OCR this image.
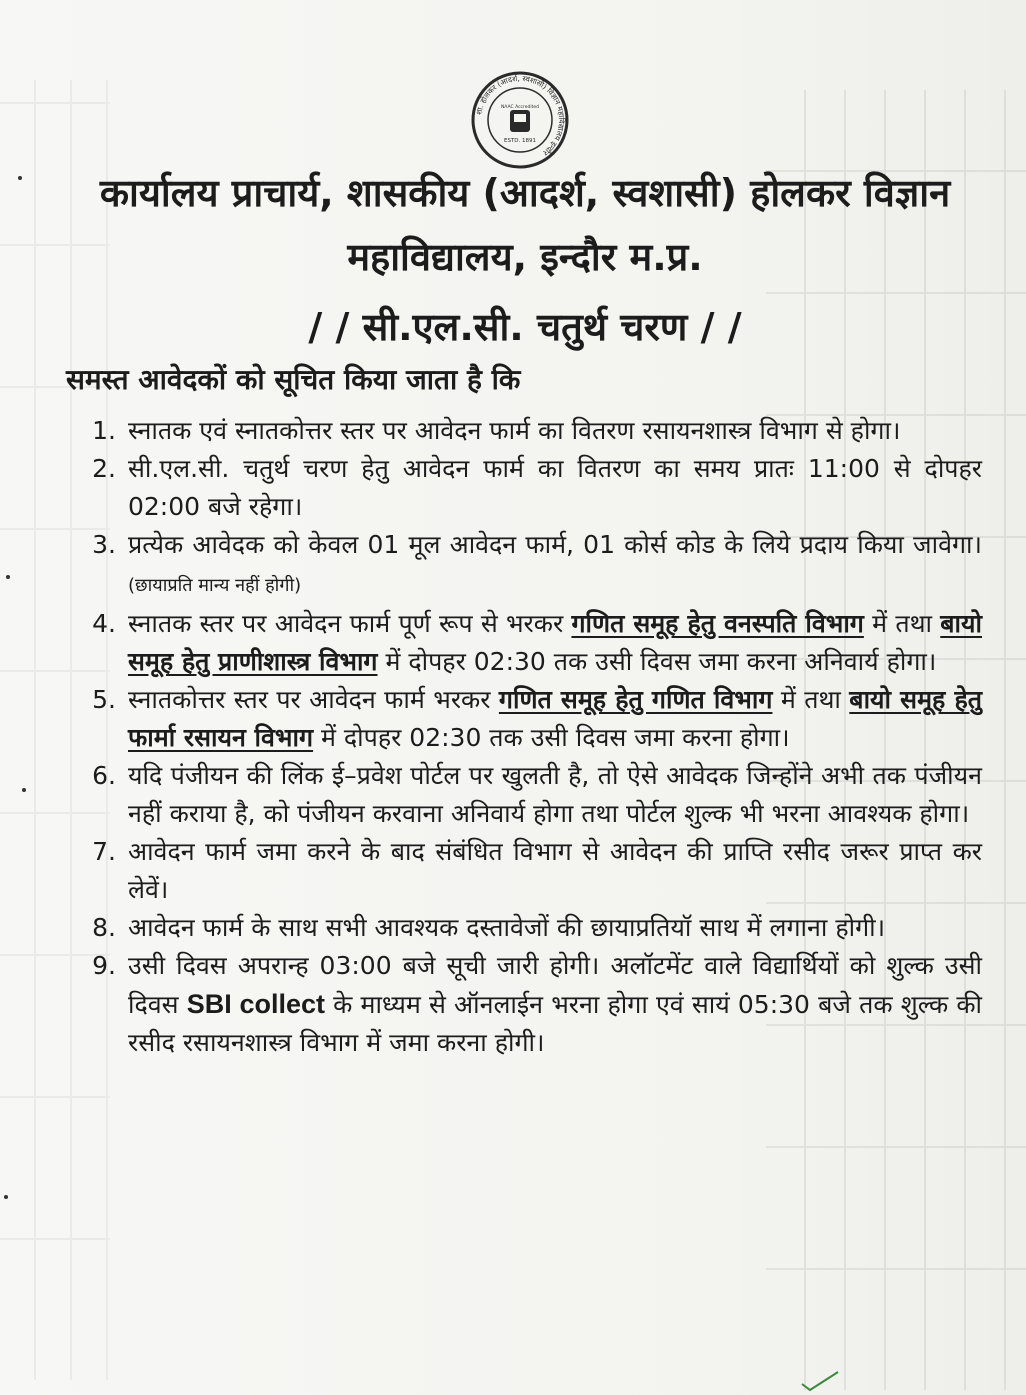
शा. होलकर (आदर्श, स्वशासी) विज्ञान महाविद्यालय इन्दौर
NAAC Accredited
ESTD. 1891
कार्यालय प्राचार्य, शासकीय (आदर्श, स्वशासी) होलकर विज्ञान
महाविद्यालय, इन्दौर म.प्र.
/ / सी.एल.सी. चतुर्थ चरण / /
समस्त आवेदकों को सूचित किया जाता है कि
1. स्नातक एवं स्नातकोत्तर स्तर पर आवेदन फार्म का वितरण रसायनशास्त्र विभाग से होगा।
2. सी.एल.सी. चतुर्थ चरण हेतु आवेदन फार्म का वितरण का समय प्रातः 11:00 से दोपहर 02:00 बजे रहेगा।
3. प्रत्येक आवेदक को केवल 01 मूल आवेदन फार्म, 01 कोर्स कोड के लिये प्रदाय किया जावेगा।(छायाप्रति मान्य नहीं होगी)
4. स्नातक स्तर पर आवेदन फार्म पूर्ण रूप से भरकर गणित समूह हेतु वनस्पति विभाग में तथा बायो समूह हेतु प्राणीशास्त्र विभाग में दोपहर 02:30 तक उसी दिवस जमा करना अनिवार्य होगा।
5. स्नातकोत्तर स्तर पर आवेदन फार्म भरकर गणित समूह हेतु गणित विभाग में तथा बायो समूह हेतु फार्मा रसायन विभाग में दोपहर 02:30 तक उसी दिवस जमा करना होगा।
6. यदि पंजीयन की लिंक ई–प्रवेश पोर्टल पर खुलती है, तो ऐसे आवेदक जिन्होंने अभी तक पंजीयन नहीं कराया है, को पंजीयन करवाना अनिवार्य होगा तथा पोर्टल शुल्क भी भरना आवश्यक होगा।
7. आवेदन फार्म जमा करने के बाद संबंधित विभाग से आवेदन की प्राप्ति रसीद जरूर प्राप्त कर लेवें।
8. आवेदन फार्म के साथ सभी आवश्यक दस्तावेजों की छायाप्रतियॉ साथ में लगाना होगी।
9. उसी दिवस अपरान्ह 03:00 बजे सूची जारी होगी। अलॉटमेंट वाले विद्यार्थियों को शुल्क उसी दिवस SBI collect के माध्यम से ऑनलाईन भरना होगा एवं सायं 05:30 बजे तक शुल्क की रसीद रसायनशास्त्र विभाग में जमा करना होगी।
